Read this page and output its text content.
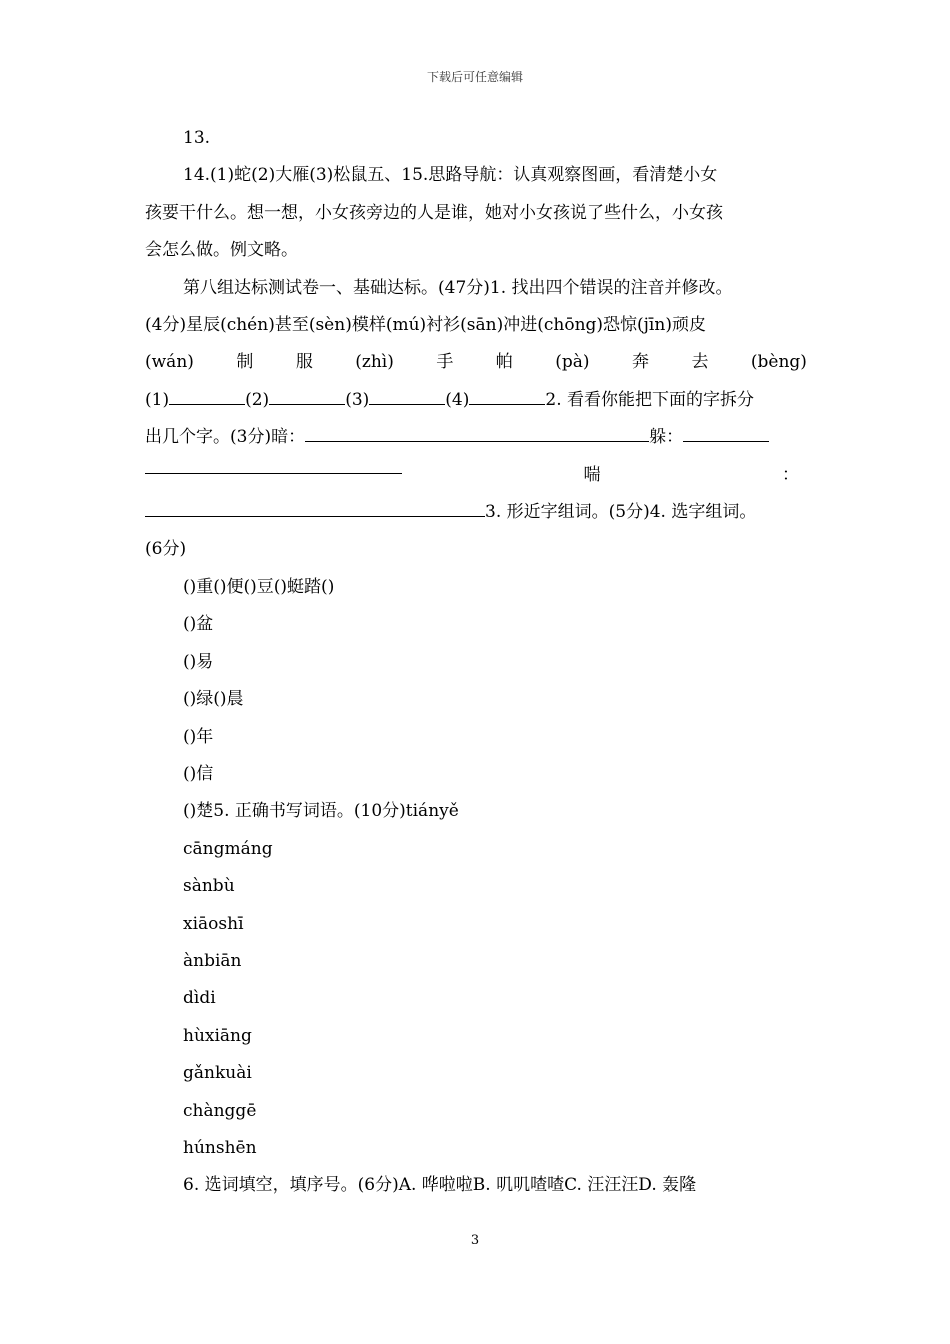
下载后可任意编辑

13.

14.(1)蛇(2)大雁(3)松鼠五、15.思路导航：认真观察图画，看清楚小女

孩要干什么。想一想，小女孩旁边的人是谁，她对小女孩说了些什么，小女孩

会怎么做。例文略。

第八组达标测试卷一、基础达标。(47分)1. 找出四个错误的注音并修改。

(4分)星辰(chén)甚至(sèn)模样(mú)衬衫(sān)冲进(chōng)恐惊(jīn)顽皮

(wán) 制 服 (zhì) 手 帕 (pà) 奔 去 (bèng)

(1)	(2)	(3)	(4)	2. 看看你能把下面的字拆分

出几个字。(3分)暗：	躲：

喘	：

3. 形近字组词。(5分)4. 选字组词。

(6分)

()重()便()豆()蜓踏()

()盆

()易

()绿()晨

()年

()信

()楚5. 正确书写词语。(10分)tiányě

cāngmáng

sànbù

xiāoshī

ànbiān

dìdi

hùxiāng

gǎnkuài

chànggē

húnshēn

6. 选词填空，填序号。(6分)A. 哗啦啦B. 叽叽喳喳C. 汪汪汪D. 轰隆

3
